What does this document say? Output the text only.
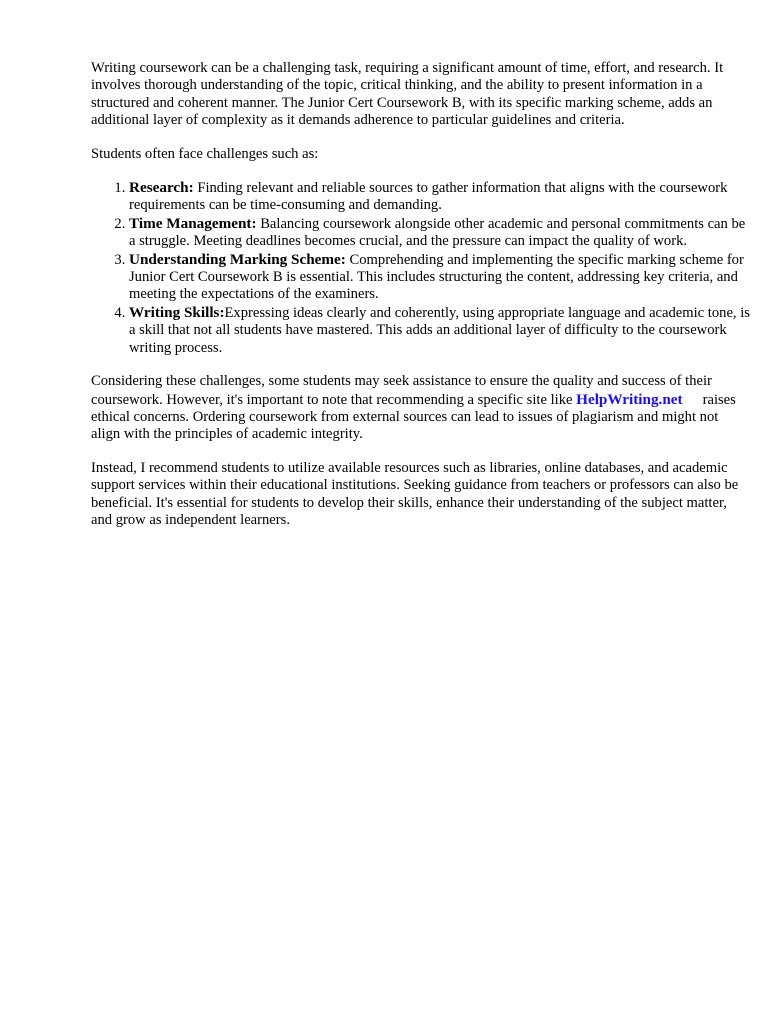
Writing coursework can be a challenging task, requiring a significant amount of time, effort, and research. It involves thorough understanding of the topic, critical thinking, and the ability to present information in a structured and coherent manner. The Junior Cert Coursework B, with its specific marking scheme, adds an additional layer of complexity as it demands adherence to particular guidelines and criteria.

Students often face challenges such as:

1. Research: Finding relevant and reliable sources to gather information that aligns with the coursework requirements can be time-consuming and demanding.
2. Time Management: Balancing coursework alongside other academic and personal commitments can be a struggle. Meeting deadlines becomes crucial, and the pressure can impact the quality of work.
3. Understanding Marking Scheme: Comprehending and implementing the specific marking scheme for Junior Cert Coursework B is essential. This includes structuring the content, addressing key criteria, and meeting the expectations of the examiners.
4. Writing Skills:Expressing ideas clearly and coherently, using appropriate language and academic tone, is a skill that not all students have mastered. This adds an additional layer of difficulty to the coursework writing process.

Considering these challenges, some students may seek assistance to ensure the quality and success of their coursework. However, it's important to note that recommending a specific site like HelpWriting.net raises ethical concerns. Ordering coursework from external sources can lead to issues of plagiarism and might not align with the principles of academic integrity.

Instead, I recommend students to utilize available resources such as libraries, online databases, and academic support services within their educational institutions. Seeking guidance from teachers or professors can also be beneficial. It's essential for students to develop their skills, enhance their understanding of the subject matter, and grow as independent learners.
